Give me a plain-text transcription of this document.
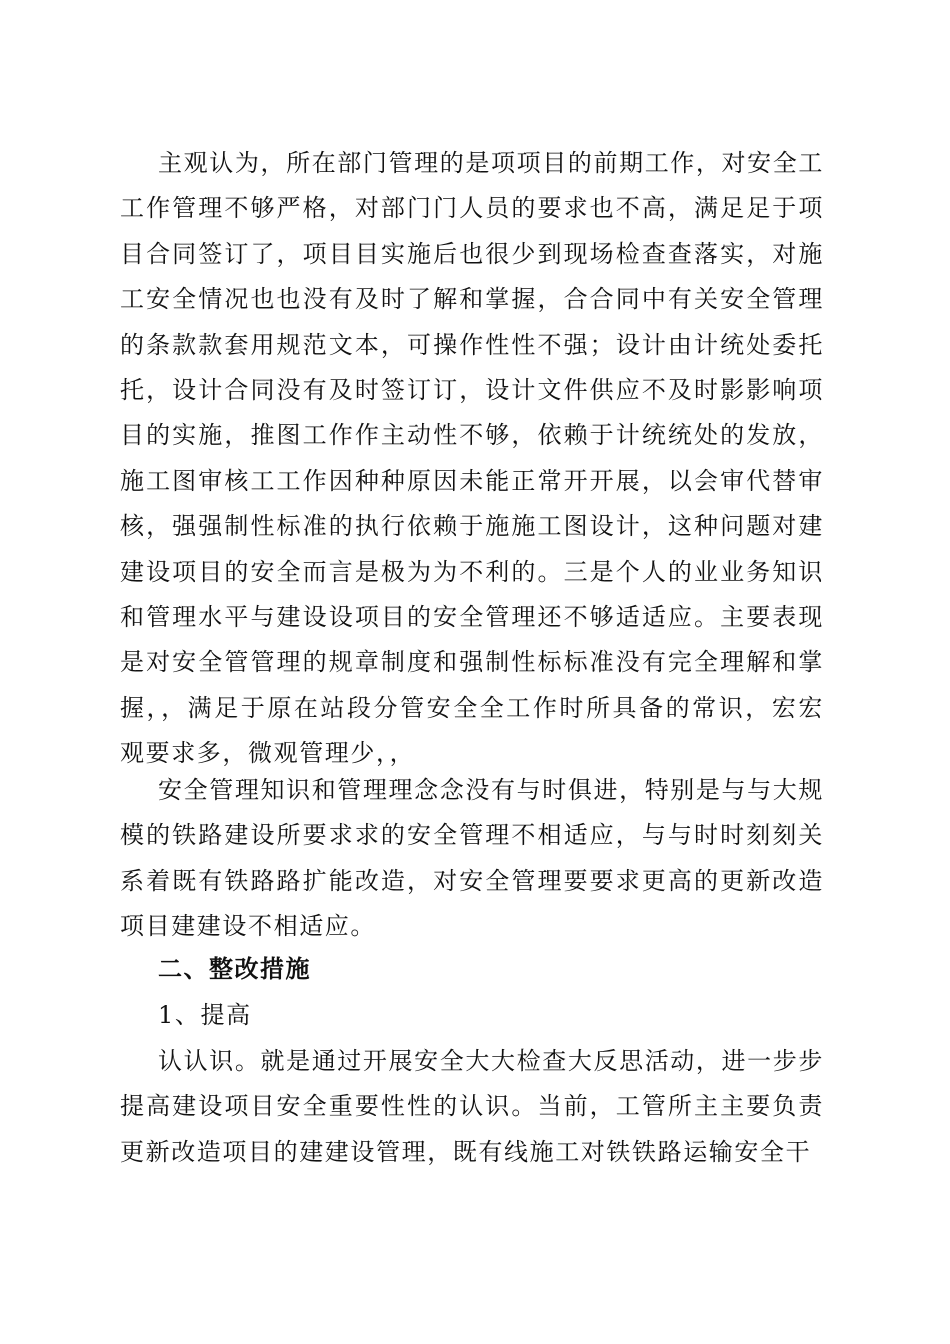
主观认为，所在部门管理的是项项目的前期工作，对安全工工作管理不够严格，对部门门人员的要求也不高，满足足于项目合同签订了，项目目实施后也很少到现场检查查落实，对施工安全情况也也没有及时了解和掌握，合合同中有关安全管理的条款款套用规范文本，可操作性性不强；设计由计统处委托托，设计合同没有及时签订订，设计文件供应不及时影影响项目的实施，推图工作作主动性不够，依赖于计统统处的发放，施工图审核工工作因种种原因未能正常开开展，以会审代替审核，强强制性标准的执行依赖于施施工图设计，这种问题对建建设项目的安全而言是极为为不利的。三是个人的业业务知识和管理水平与建设设项目的安全管理还不够适适应。主要表现是对安全管管理的规章制度和强制性标标准没有完全理解和掌握，，满足于原在站段分管安全全工作时所具备的常识，宏宏观要求多，微观管理少，，

安全管理知识和管理理念念没有与时俱进，特别是与与大规模的铁路建设所要求求的安全管理不相适应，与与时时刻刻关系着既有铁路路扩能改造，对安全管理要要求更高的更新改造项目建建设不相适应。

二、整改措施

1、提高

认认识。就是通过开展安全大大检查大反思活动，进一步步提高建设项目安全重要性性的认识。当前，工管所主主要负责更新改造项目的建建设管理，既有线施工对铁铁路运输安全干
